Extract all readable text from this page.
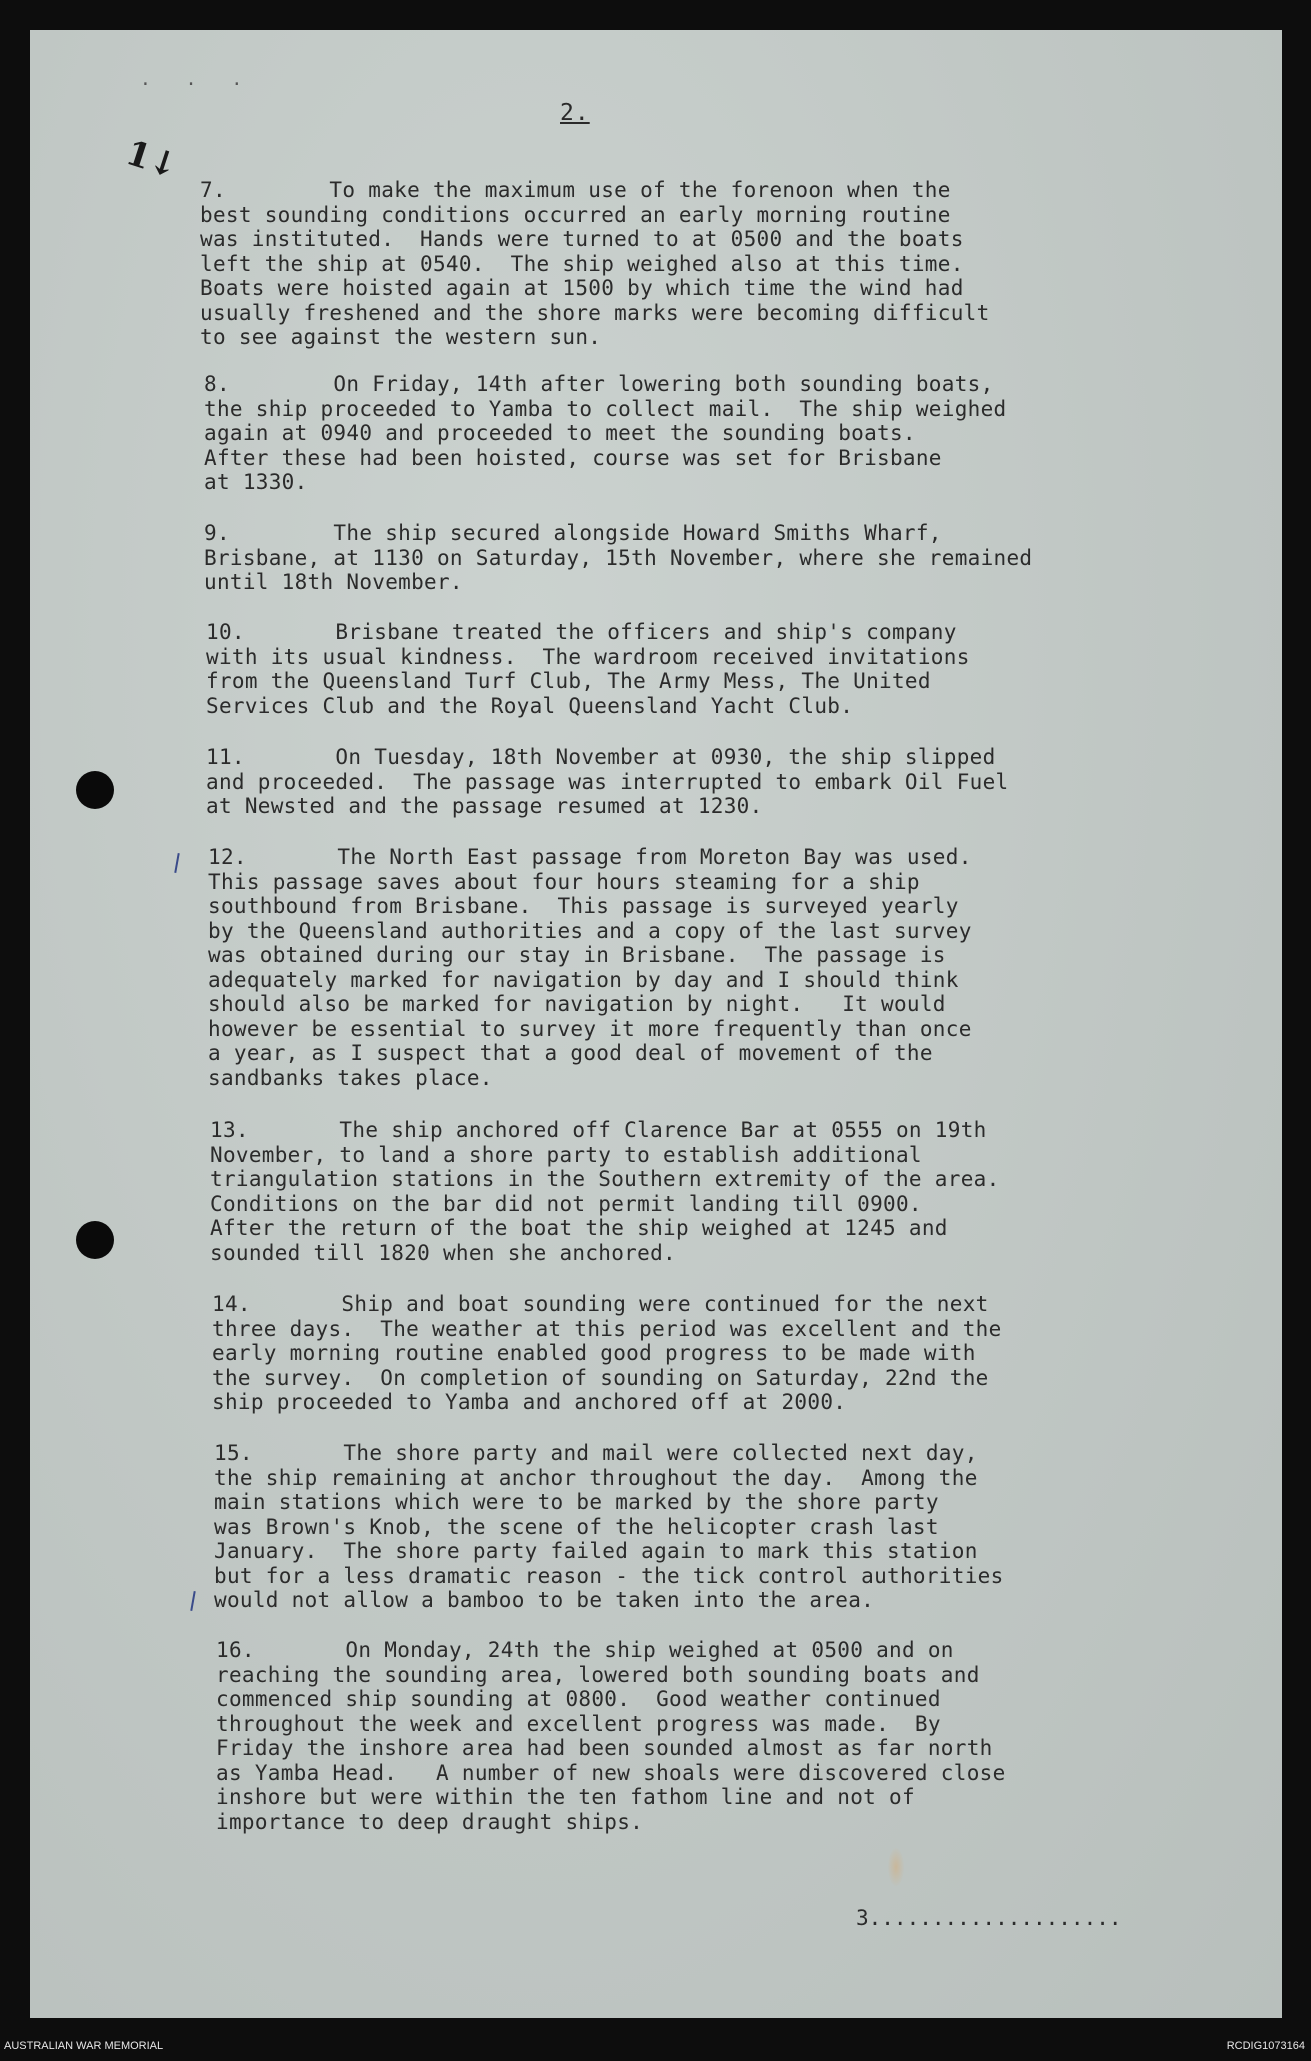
· · ·
1↓
2.
7.        To make the maximum use of the forenoon when the
best sounding conditions occurred an early morning routine
was instituted.  Hands were turned to at 0500 and the boats
left the ship at 0540.  The ship weighed also at this time.
Boats were hoisted again at 1500 by which time the wind had
usually freshened and the shore marks were becoming difficult
to see against the western sun.
8.        On Friday, 14th after lowering both sounding boats,
the ship proceeded to Yamba to collect mail.  The ship weighed
again at 0940 and proceeded to meet the sounding boats.
After these had been hoisted, course was set for Brisbane
at 1330.
9.        The ship secured alongside Howard Smiths Wharf,
Brisbane, at 1130 on Saturday, 15th November, where she remained
until 18th November.
10.       Brisbane treated the officers and ship's company
with its usual kindness.  The wardroom received invitations
from the Queensland Turf Club, The Army Mess, The United
Services Club and the Royal Queensland Yacht Club.
11.       On Tuesday, 18th November at 0930, the ship slipped
and proceeded.  The passage was interrupted to embark Oil Fuel
at Newsted and the passage resumed at 1230.
12.       The North East passage from Moreton Bay was used.
This passage saves about four hours steaming for a ship
southbound from Brisbane.  This passage is surveyed yearly
by the Queensland authorities and a copy of the last survey
was obtained during our stay in Brisbane.  The passage is
adequately marked for navigation by day and I should think
should also be marked for navigation by night.   It would
however be essential to survey it more frequently than once
a year, as I suspect that a good deal of movement of the
sandbanks takes place.
13.       The ship anchored off Clarence Bar at 0555 on 19th
November, to land a shore party to establish additional
triangulation stations in the Southern extremity of the area.
Conditions on the bar did not permit landing till 0900.
After the return of the boat the ship weighed at 1245 and
sounded till 1820 when she anchored.
14.       Ship and boat sounding were continued for the next
three days.  The weather at this period was excellent and the
early morning routine enabled good progress to be made with
the survey.  On completion of sounding on Saturday, 22nd the
ship proceeded to Yamba and anchored off at 2000.
15.       The shore party and mail were collected next day,
the ship remaining at anchor throughout the day.  Among the
main stations which were to be marked by the shore party
was Brown's Knob, the scene of the helicopter crash last
January.  The shore party failed again to mark this station
but for a less dramatic reason - the tick control authorities
would not allow a bamboo to be taken into the area.
16.       On Monday, 24th the ship weighed at 0500 and on
reaching the sounding area, lowered both sounding boats and
commenced ship sounding at 0800.  Good weather continued
throughout the week and excellent progress was made.  By
Friday the inshore area had been sounded almost as far north
as Yamba Head.   A number of new shoals were discovered close
inshore but were within the ten fathom line and not of
importance to deep draught ships.
3....................
AUSTRALIAN WAR MEMORIAL	RCDIG1073164
